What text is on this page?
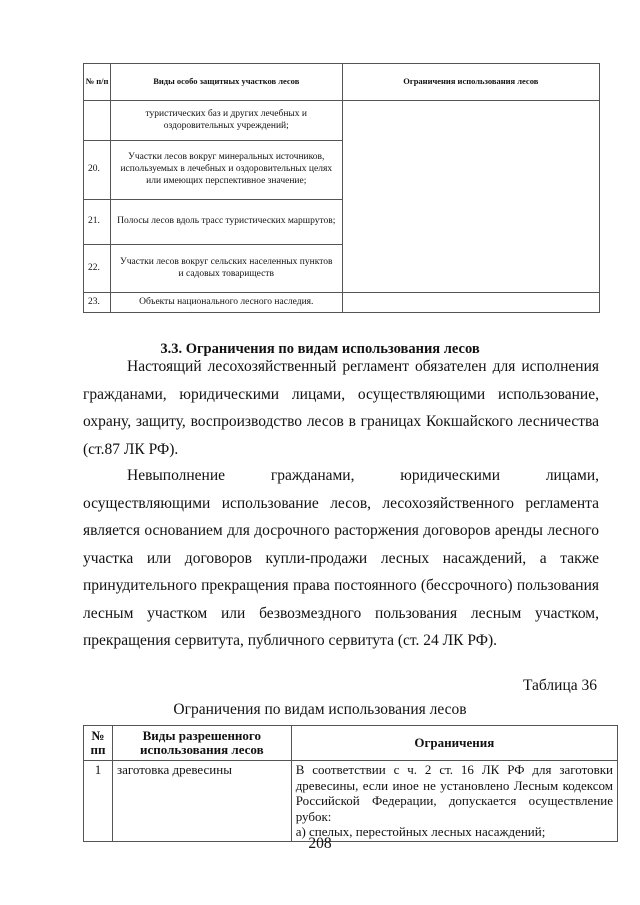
№ п/п	Виды особо защитных участков лесов	Ограничения использования лесов
	туристических баз и других лечебных и оздоровительных учреждений;	
20.	Участки лесов вокруг минеральных источников, используемых в лечебных и оздоровительных целях или имеющих перспективное значение;	
21.	Полосы лесов вдоль трасс туристических маршрутов;	
22.	Участки лесов вокруг сельских населенных пунктов и садовых товариществ	
23.	Объекты национального лесного наследия.	
3.3. Ограничения по видам использования лесов

Настоящий лесохозяйственный регламент обязателен для исполнения гражданами, юридическими лицами, осуществляющими использование, охрану, защиту, воспроизводство лесов в границах Кокшайского лесничества (ст.87 ЛК РФ).

Невыполнение гражданами, юридическими лицами, осуществляющими использование лесов, лесохозяйственного регламента является основанием для досрочного расторжения договоров аренды лесного участка или договоров купли-продажи лесных насаждений, а также принудительного прекращения права постоянного (бессрочного) пользования лесным участком или безвозмездного пользования лесным участком, прекращения сервитута, публичного сервитута (ст. 24 ЛК РФ).

Таблица 36
Ограничения по видам использования лесов
№ пп	Виды разрешенного использования лесов	Ограничения
1	заготовка древесины	В соответствии с ч. 2 ст. 16 ЛК РФ для заготовки древесины, если иное не установлено Лесным кодексом Российской Федерации, допускается осуществление рубок:
а) спелых, перестойных лесных насаждений;
208
